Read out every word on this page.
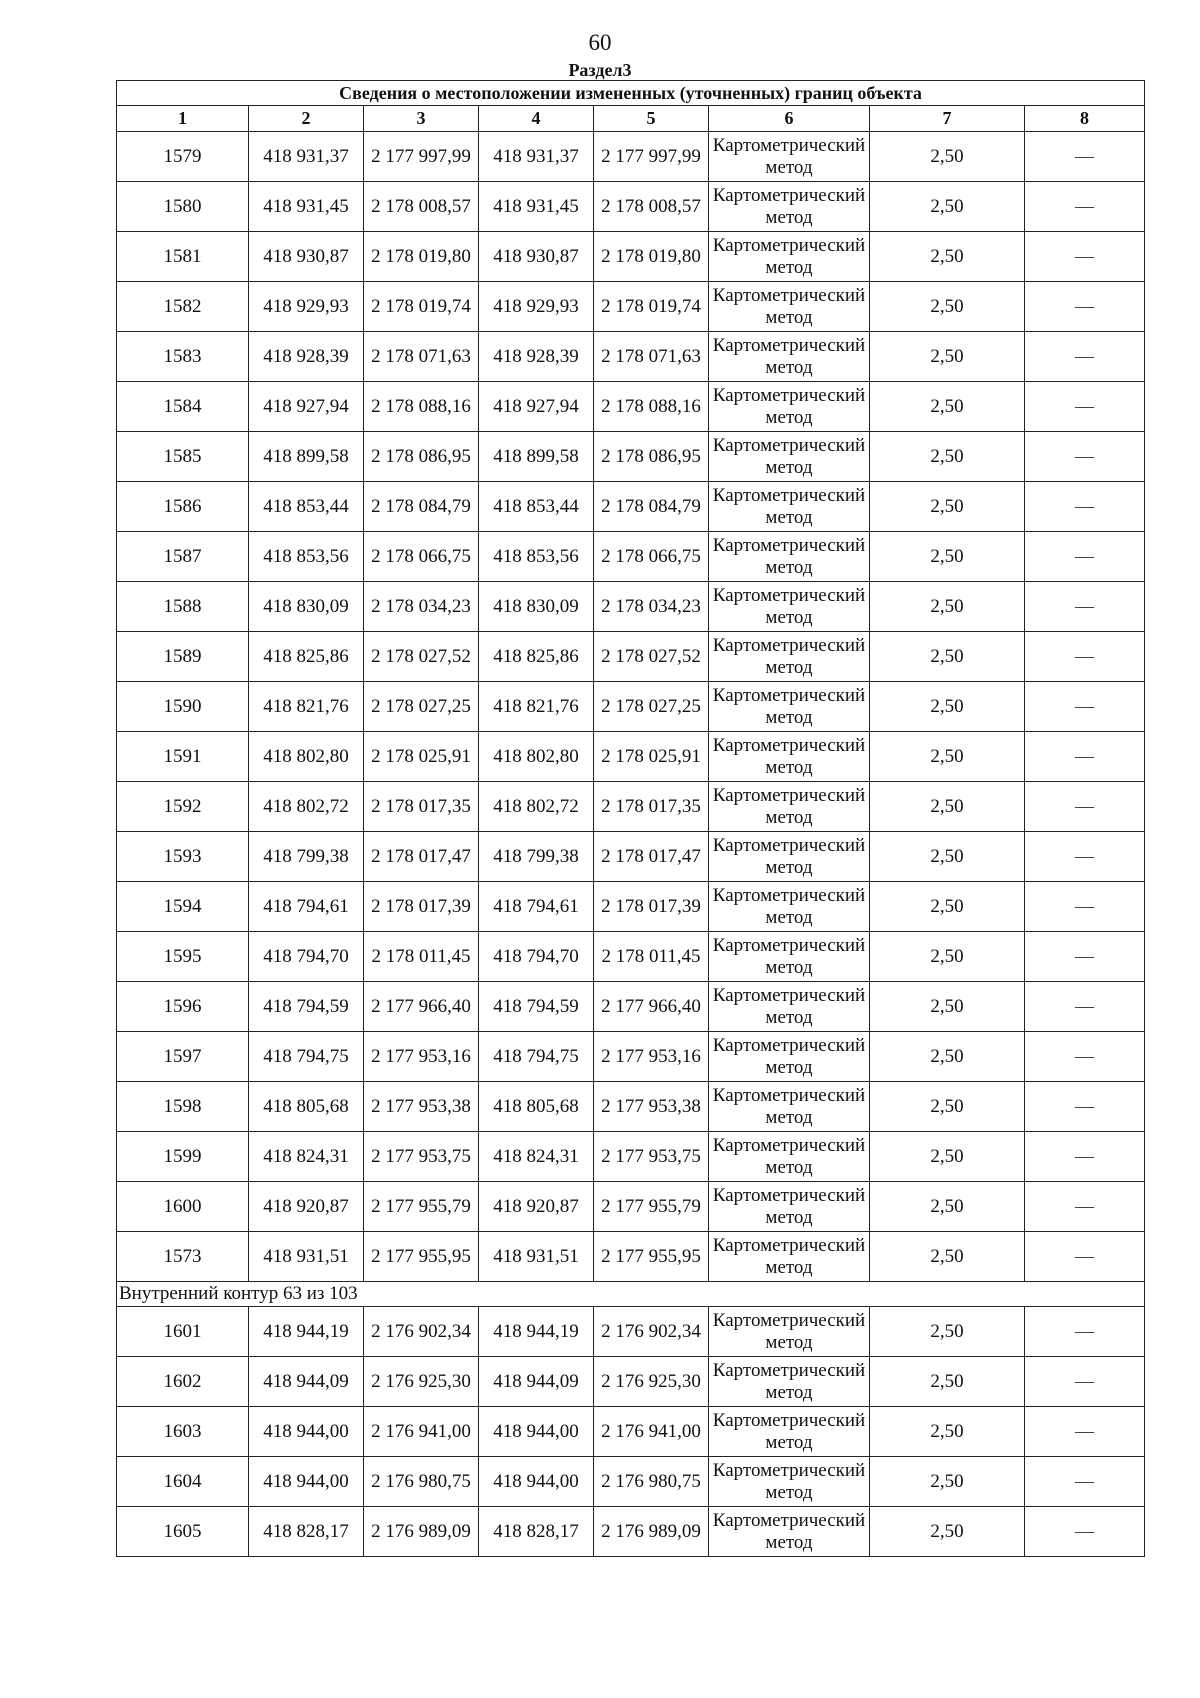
60
Раздел3
Сведения о местоположении измененных (уточненных) границ объекта							
1	2	3	4	5	6	7	8
1579	418 931,37	2 177 997,99	418 931,37	2 177 997,99	Картометрический метод	2,50	—
1580	418 931,45	2 178 008,57	418 931,45	2 178 008,57	Картометрический метод	2,50	—
1581	418 930,87	2 178 019,80	418 930,87	2 178 019,80	Картометрический метод	2,50	—
1582	418 929,93	2 178 019,74	418 929,93	2 178 019,74	Картометрический метод	2,50	—
1583	418 928,39	2 178 071,63	418 928,39	2 178 071,63	Картометрический метод	2,50	—
1584	418 927,94	2 178 088,16	418 927,94	2 178 088,16	Картометрический метод	2,50	—
1585	418 899,58	2 178 086,95	418 899,58	2 178 086,95	Картометрический метод	2,50	—
1586	418 853,44	2 178 084,79	418 853,44	2 178 084,79	Картометрический метод	2,50	—
1587	418 853,56	2 178 066,75	418 853,56	2 178 066,75	Картометрический метод	2,50	—
1588	418 830,09	2 178 034,23	418 830,09	2 178 034,23	Картометрический метод	2,50	—
1589	418 825,86	2 178 027,52	418 825,86	2 178 027,52	Картометрический метод	2,50	—
1590	418 821,76	2 178 027,25	418 821,76	2 178 027,25	Картометрический метод	2,50	—
1591	418 802,80	2 178 025,91	418 802,80	2 178 025,91	Картометрический метод	2,50	—
1592	418 802,72	2 178 017,35	418 802,72	2 178 017,35	Картометрический метод	2,50	—
1593	418 799,38	2 178 017,47	418 799,38	2 178 017,47	Картометрический метод	2,50	—
1594	418 794,61	2 178 017,39	418 794,61	2 178 017,39	Картометрический метод	2,50	—
1595	418 794,70	2 178 011,45	418 794,70	2 178 011,45	Картометрический метод	2,50	—
1596	418 794,59	2 177 966,40	418 794,59	2 177 966,40	Картометрический метод	2,50	—
1597	418 794,75	2 177 953,16	418 794,75	2 177 953,16	Картометрический метод	2,50	—
1598	418 805,68	2 177 953,38	418 805,68	2 177 953,38	Картометрический метод	2,50	—
1599	418 824,31	2 177 953,75	418 824,31	2 177 953,75	Картометрический метод	2,50	—
1600	418 920,87	2 177 955,79	418 920,87	2 177 955,79	Картометрический метод	2,50	—
1573	418 931,51	2 177 955,95	418 931,51	2 177 955,95	Картометрический метод	2,50	—
Внутренний контур 63 из 103							
1601	418 944,19	2 176 902,34	418 944,19	2 176 902,34	Картометрический метод	2,50	—
1602	418 944,09	2 176 925,30	418 944,09	2 176 925,30	Картометрический метод	2,50	—
1603	418 944,00	2 176 941,00	418 944,00	2 176 941,00	Картометрический метод	2,50	—
1604	418 944,00	2 176 980,75	418 944,00	2 176 980,75	Картометрический метод	2,50	—
1605	418 828,17	2 176 989,09	418 828,17	2 176 989,09	Картометрический метод	2,50	—
